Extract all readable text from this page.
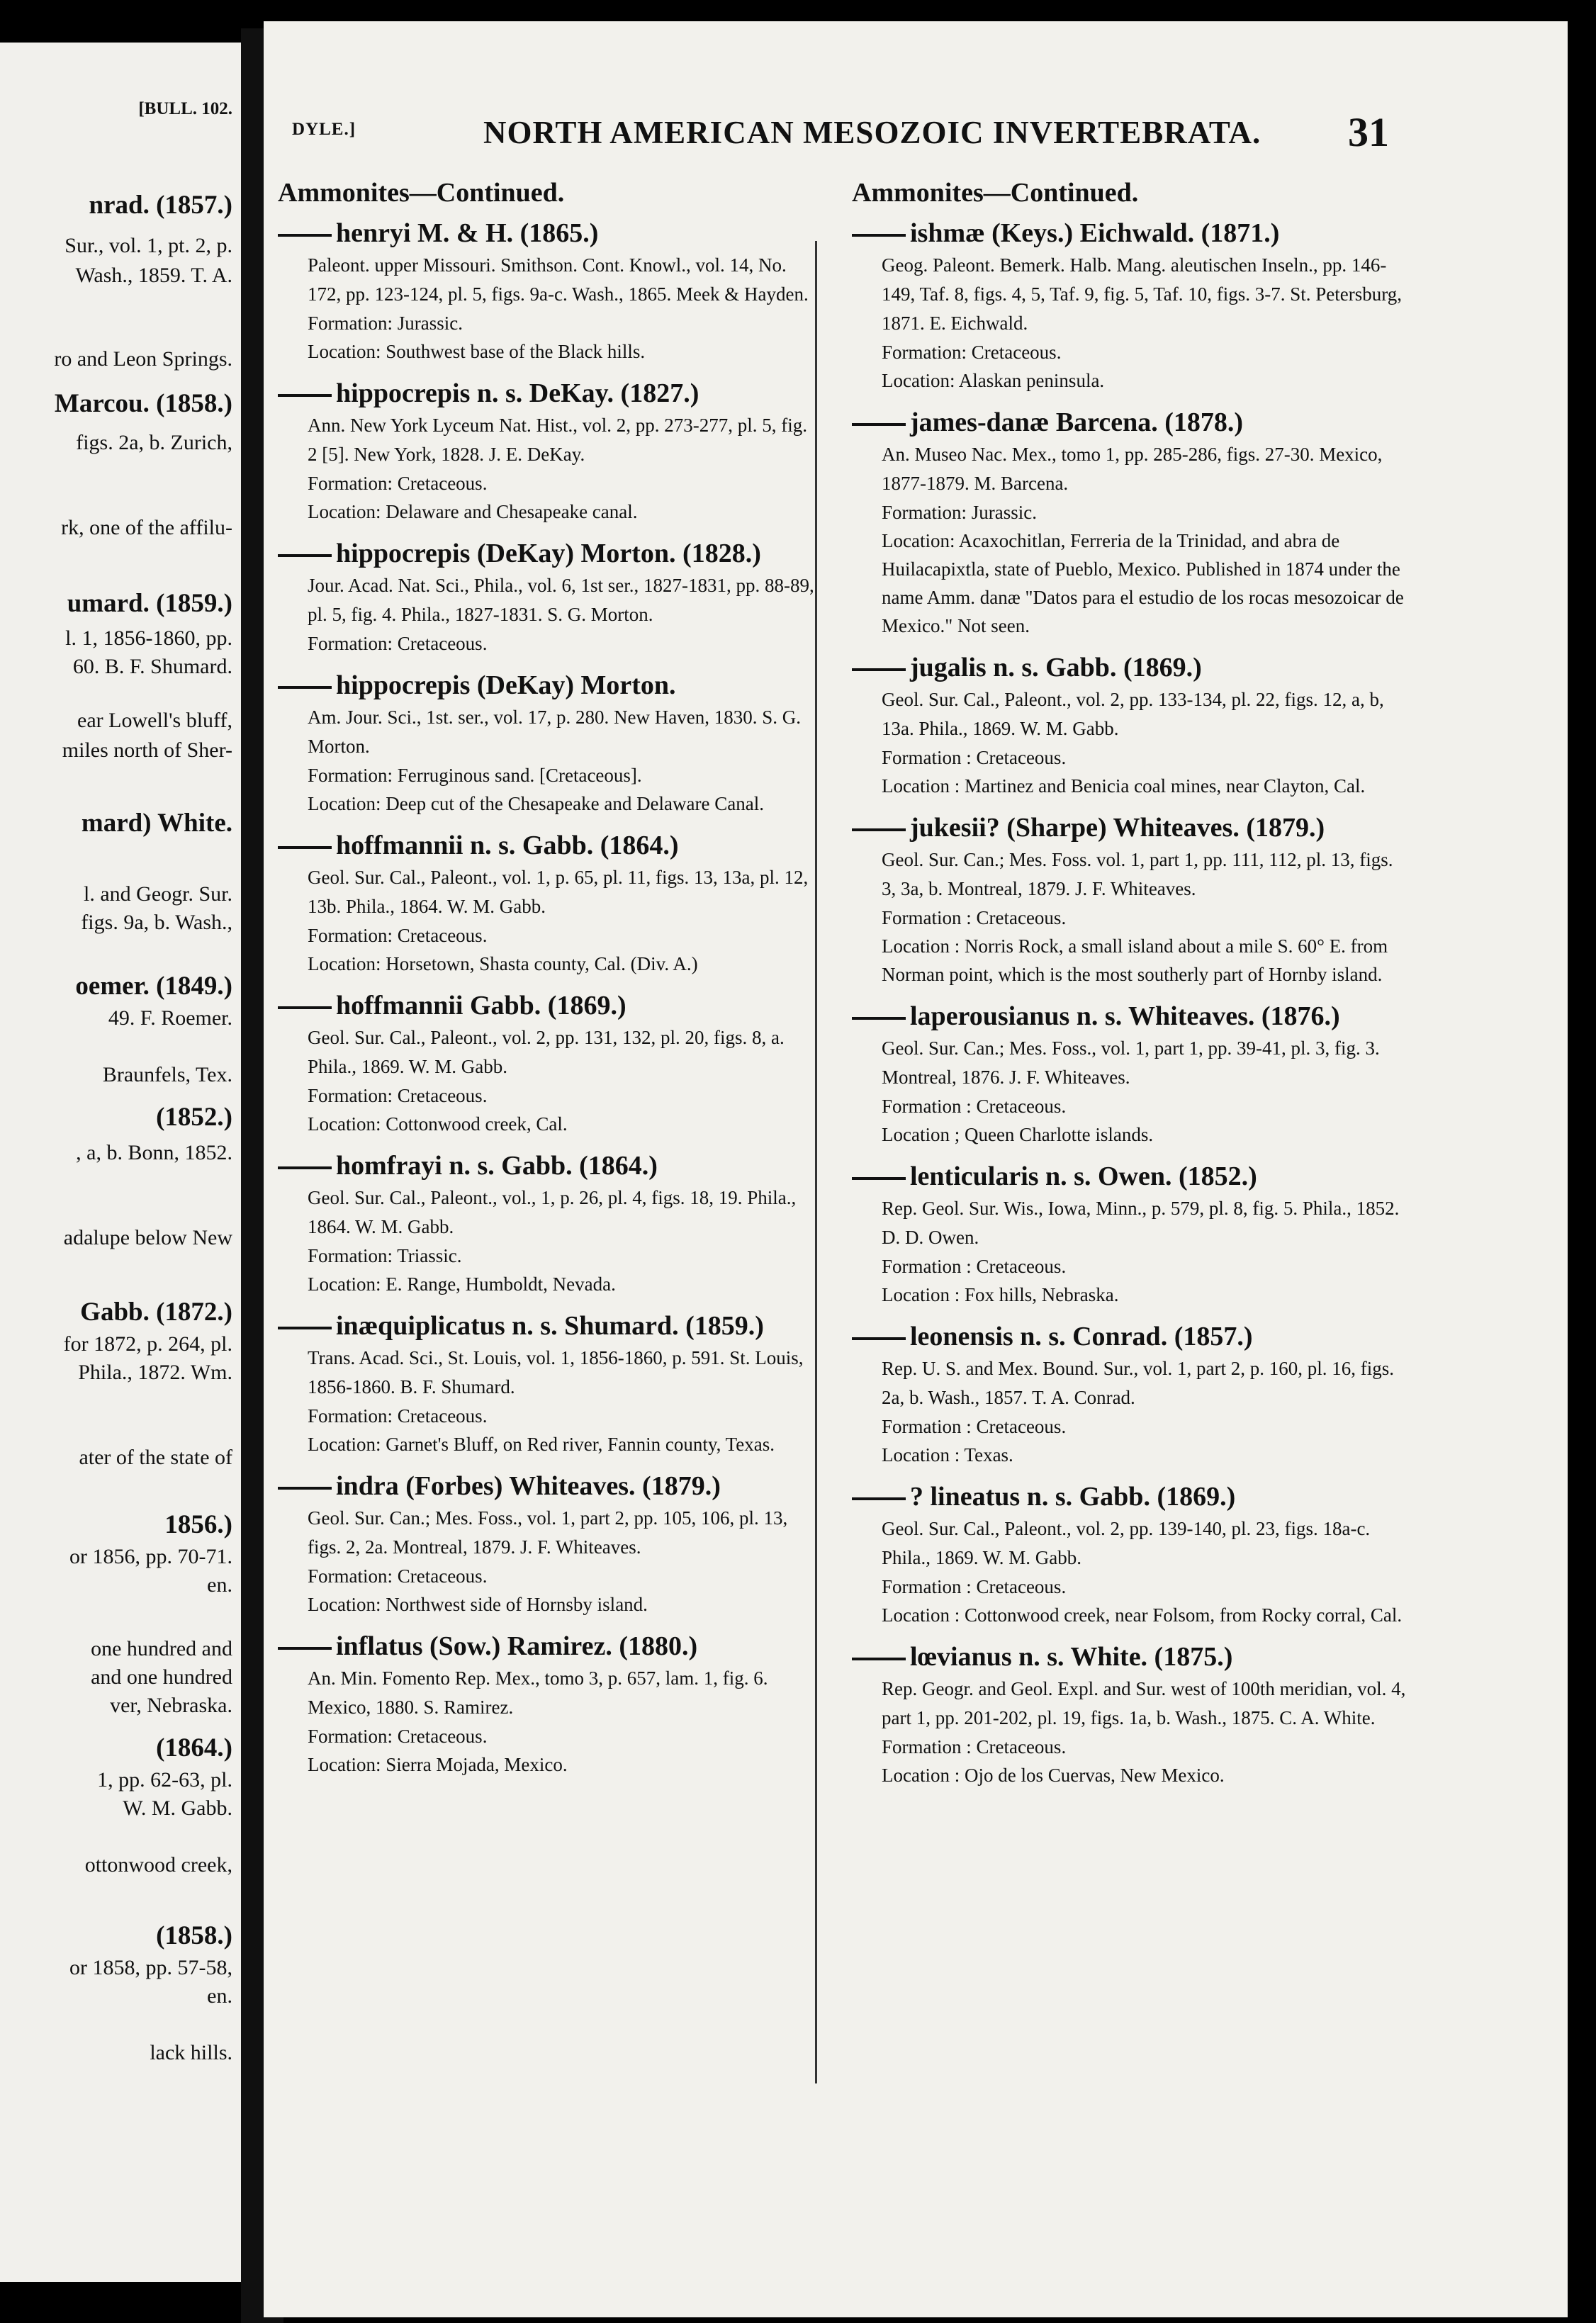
[BULL. 102.
nrad. (1857.)
Sur., vol. 1, pt. 2, p.
Wash., 1859. T. A.
ro and Leon Springs.
Marcou. (1858.)
figs. 2a, b. Zurich,
rk, one of the affilu-
umard. (1859.)
l. 1, 1856-1860, pp.
60. B. F. Shumard.
ear Lowell's bluff,
miles north of Sher-
mard) White.
l. and Geogr. Sur.
figs. 9a, b. Wash.,
oemer. (1849.)
49. F. Roemer.
Braunfels, Tex.
(1852.)
, a, b. Bonn, 1852.
adalupe below New
Gabb. (1872.)
for 1872, p. 264, pl.
Phila., 1872. Wm.
ater of the state of
1856.)
or 1856, pp. 70-71.
en.
one hundred and
and one hundred
ver, Nebraska.
(1864.)
1, pp. 62-63, pl.
W. M. Gabb.
ottonwood creek,
(1858.)
or 1858, pp. 57-58,
en.
lack hills.
DYLE.]	NORTH AMERICAN MESOZOIC INVERTEBRATA. 31
Ammonites—Continued.
henryi M. & H. (1865.)
Paleont. upper Missouri. Smithson. Cont. Knowl., vol. 14, No. 172, pp. 123-124, pl. 5, figs. 9a-c. Wash., 1865. Meek & Hayden.
Formation: Jurassic.
Location: Southwest base of the Black hills.
hippocrepis n. s. DeKay. (1827.)
Ann. New York Lyceum Nat. Hist., vol. 2, pp. 273-277, pl. 5, fig. 2 [5]. New York, 1828. J. E. DeKay.
Formation: Cretaceous.
Location: Delaware and Chesapeake canal.
hippocrepis (DeKay) Morton. (1828.)
Jour. Acad. Nat. Sci., Phila., vol. 6, 1st ser., 1827-1831, pp. 88-89, pl. 5, fig. 4. Phila., 1827-1831. S. G. Morton.
Formation: Cretaceous.
hippocrepis (DeKay) Morton.
Am. Jour. Sci., 1st. ser., vol. 17, p. 280. New Haven, 1830. S. G. Morton.
Formation: Ferruginous sand. [Cretaceous].
Location: Deep cut of the Chesapeake and Delaware Canal.
hoffmannii n. s. Gabb. (1864.)
Geol. Sur. Cal., Paleont., vol. 1, p. 65, pl. 11, figs. 13, 13a, pl. 12, 13b. Phila., 1864. W. M. Gabb.
Formation: Cretaceous.
Location: Horsetown, Shasta county, Cal. (Div. A.)
hoffmannii Gabb. (1869.)
Geol. Sur. Cal., Paleont., vol. 2, pp. 131, 132, pl. 20, figs. 8, a. Phila., 1869. W. M. Gabb.
Formation: Cretaceous.
Location: Cottonwood creek, Cal.
homfrayi n. s. Gabb. (1864.)
Geol. Sur. Cal., Paleont., vol., 1, p. 26, pl. 4, figs. 18, 19. Phila., 1864. W. M. Gabb.
Formation: Triassic.
Location: E. Range, Humboldt, Nevada.
inæquiplicatus n. s. Shumard. (1859.)
Trans. Acad. Sci., St. Louis, vol. 1, 1856-1860, p. 591. St. Louis, 1856-1860. B. F. Shumard.
Formation: Cretaceous.
Location: Garnet's Bluff, on Red river, Fannin county, Texas.
indra (Forbes) Whiteaves. (1879.)
Geol. Sur. Can.; Mes. Foss., vol. 1, part 2, pp. 105, 106, pl. 13, figs. 2, 2a. Montreal, 1879. J. F. Whiteaves.
Formation: Cretaceous.
Location: Northwest side of Hornsby island.
inflatus (Sow.) Ramirez. (1880.)
An. Min. Fomento Rep. Mex., tomo 3, p. 657, lam. 1, fig. 6. Mexico, 1880. S. Ramirez.
Formation: Cretaceous.
Location: Sierra Mojada, Mexico.
Ammonites—Continued.
ishmæ (Keys.) Eichwald. (1871.)
Geog. Paleont. Bemerk. Halb. Mang. aleutischen Inseln., pp. 146-149, Taf. 8, figs. 4, 5, Taf. 9, fig. 5, Taf. 10, figs. 3-7. St. Petersburg, 1871. E. Eichwald.
Formation: Cretaceous.
Location: Alaskan peninsula.
james-danæ Barcena. (1878.)
An. Museo Nac. Mex., tomo 1, pp. 285-286, figs. 27-30. Mexico, 1877-1879. M. Barcena.
Formation: Jurassic.
Location: Acaxochitlan, Ferreria de la Trinidad, and abra de Huilacapixtla, state of Pueblo, Mexico. Published in 1874 under the name Amm. danæ "Datos para el estudio de los rocas mesozoicar de Mexico." Not seen.
jugalis n. s. Gabb. (1869.)
Geol. Sur. Cal., Paleont., vol. 2, pp. 133-134, pl. 22, figs. 12, a, b, 13a. Phila., 1869. W. M. Gabb.
Formation : Cretaceous.
Location : Martinez and Benicia coal mines, near Clayton, Cal.
jukesii? (Sharpe) Whiteaves. (1879.)
Geol. Sur. Can.; Mes. Foss. vol. 1, part 1, pp. 111, 112, pl. 13, figs. 3, 3a, b. Montreal, 1879. J. F. Whiteaves.
Formation : Cretaceous.
Location : Norris Rock, a small island about a mile S. 60° E. from Norman point, which is the most southerly part of Hornby island.
laperousianus n. s. Whiteaves. (1876.)
Geol. Sur. Can.; Mes. Foss., vol. 1, part 1, pp. 39-41, pl. 3, fig. 3. Montreal, 1876. J. F. Whiteaves.
Formation : Cretaceous.
Location ; Queen Charlotte islands.
lenticularis n. s. Owen. (1852.)
Rep. Geol. Sur. Wis., Iowa, Minn., p. 579, pl. 8, fig. 5. Phila., 1852. D. D. Owen.
Formation : Cretaceous.
Location : Fox hills, Nebraska.
leonensis n. s. Conrad. (1857.)
Rep. U. S. and Mex. Bound. Sur., vol. 1, part 2, p. 160, pl. 16, figs. 2a, b. Wash., 1857. T. A. Conrad.
Formation : Cretaceous.
Location : Texas.
? lineatus n. s. Gabb. (1869.)
Geol. Sur. Cal., Paleont., vol. 2, pp. 139-140, pl. 23, figs. 18a-c. Phila., 1869. W. M. Gabb.
Formation : Cretaceous.
Location : Cottonwood creek, near Folsom, from Rocky corral, Cal.
lœvianus n. s. White. (1875.)
Rep. Geogr. and Geol. Expl. and Sur. west of 100th meridian, vol. 4, part 1, pp. 201-202, pl. 19, figs. 1a, b. Wash., 1875. C. A. White.
Formation : Cretaceous.
Location : Ojo de los Cuervas, New Mexico.
